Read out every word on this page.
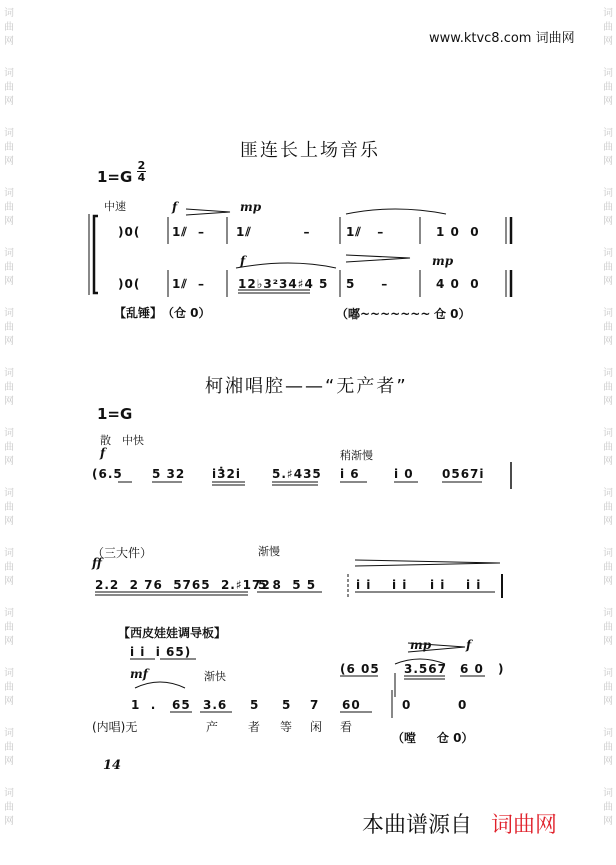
词
曲
网
词
曲
网
词
曲
网
词
曲
网
词
曲
网
词
曲
网
词
曲
网
词
曲
网
词
曲
网
词
曲
网
词
曲
网
词
曲
网
词
曲
网
词
曲
网
词
曲
网
词
曲
网
词
曲
网
词
曲
网
词
曲
网
词
曲
网
词
曲
网
词
曲
网
词
曲
网
词
曲
网
词
曲
网
词
曲
网
词
曲
网
词
曲
网
www.ktvc8.com 词曲网
匪连长上场音乐
$1=G \frac{2}{4}$
中速	f	mp
f	mp
)0(	1⫽  –	1⫽          –	1⫽   –	1 0  0
)0(	1⫽  –	12♭3²34♯4 5 5     –	4 0  0
【乱锤】 （仓 0）	（嘟~~~~~~~ 仓 0）
柯湘唱腔——“无产者”
1=G
散 中快
f	稍渐慢
(6.5 5 32 i3̇2i	5.♯435 i 6	i 0 0567i
（三大件）	渐慢
ff
2.2  2 76  5765  2.♯172
5 8  5 5	i i i i i i i i
【西皮娃娃调导板】
i i  i 65)	mp	f
(6 05 3.567 6 0 )
mf	渐快
1  . 65 3.6 5 5 7 60	0	0
(内唱)无	产 者 等 闲 看
（嘡     仓 0）
14
本曲谱源自 词曲网
